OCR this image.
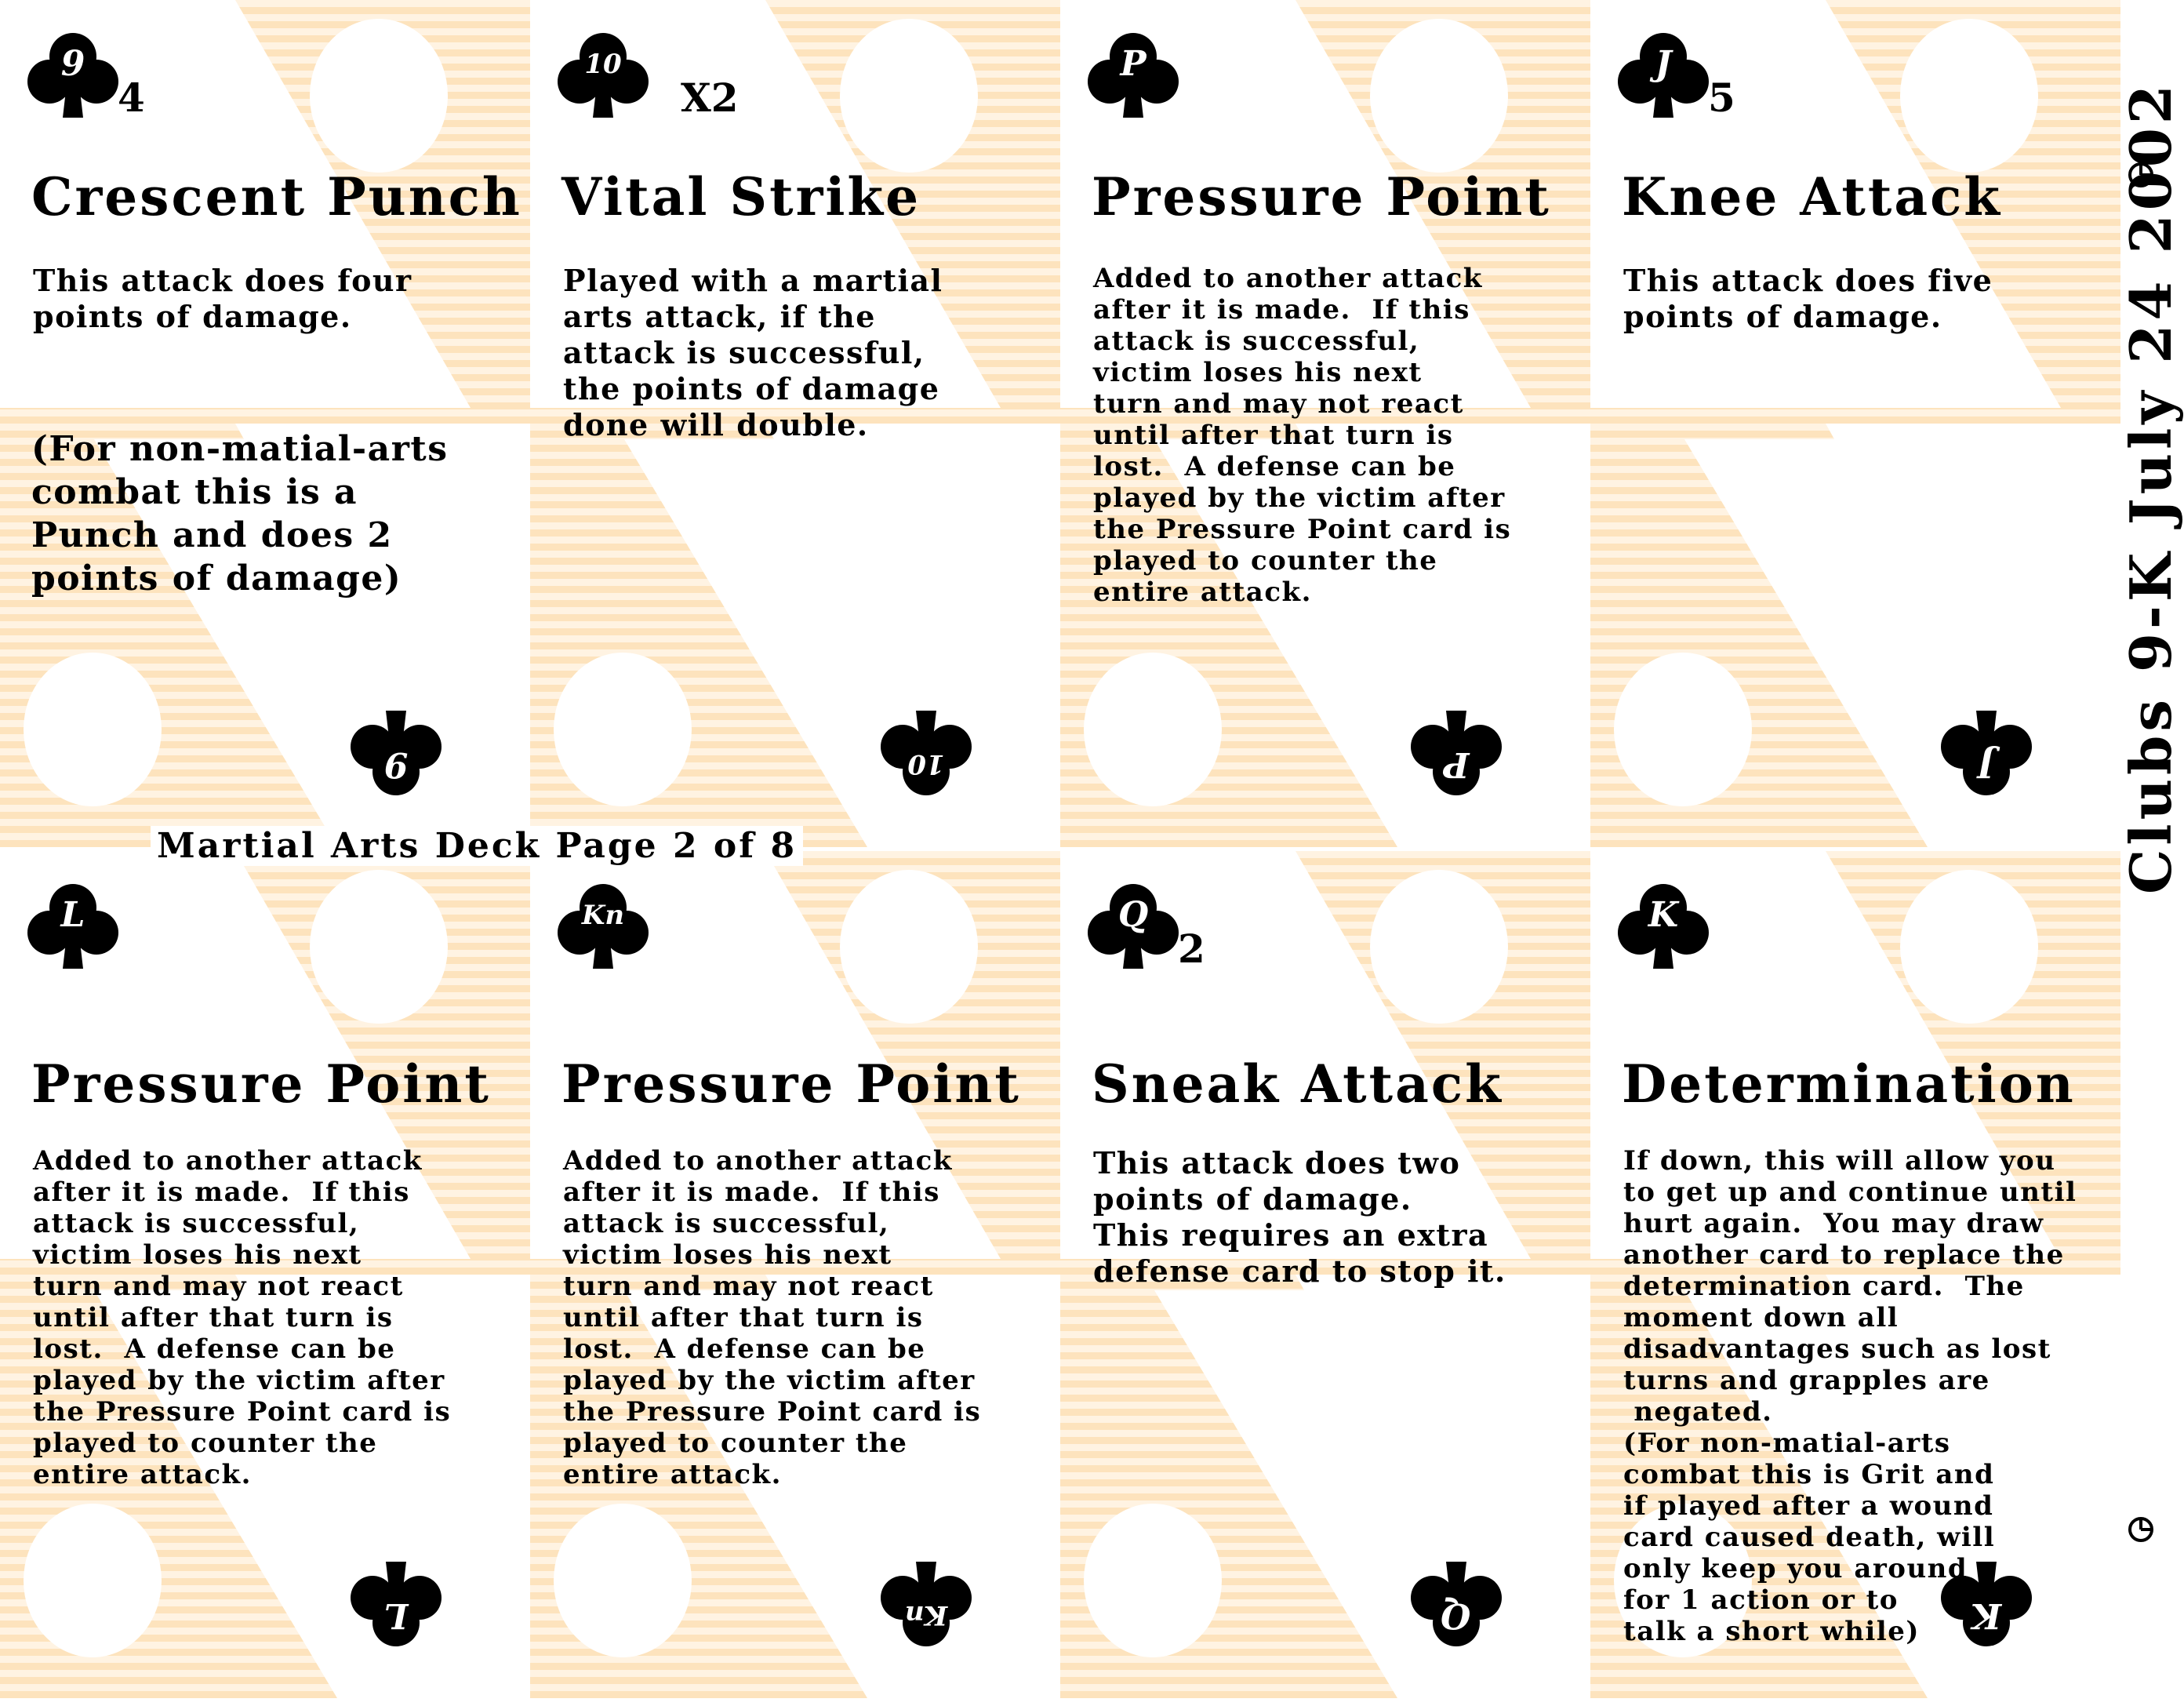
9
9
4
Crescent Punch
This attack does four
points of damage.
(For non-matial-arts
combat this is a
Punch and does 2
points of damage)
10
10
X2
Vital Strike
Played with a martial
arts attack, if the
attack is successful,
the points of damage
done will double.
P
P
Pressure Point
Added to another attack
after it is made.  If this
attack is successful,
victim loses his next
turn and may not react
until after that turn is
lost.  A defense can be
played by the victim after
the Pressure Point card is
played to counter the
entire attack.
J
J
5
Knee Attack
This attack does five
points of damage.
L
L
Pressure Point
Added to another attack
after it is made.  If this
attack is successful,
victim loses his next
turn and may not react
until after that turn is
lost.  A defense can be
played by the victim after
the Pressure Point card is
played to counter the
entire attack.
Kn
Kn
Pressure Point
Added to another attack
after it is made.  If this
attack is successful,
victim loses his next
turn and may not react
until after that turn is
lost.  A defense can be
played by the victim after
the Pressure Point card is
played to counter the
entire attack.
Q
Q
2
Sneak Attack
This attack does two
points of damage.
This requires an extra
defense card to stop it.
K
K
Determination
If down, this will allow you
to get up and continue until
hurt again.  You may draw
another card to replace the
determination card.  The
moment down all
disadvantages such as lost
turns and grapples are
negated.
(For non-matial-arts
combat this is Grit and
if played after a wound
card caused death, will
only keep you around
for 1 action or to
talk a short while)
Martial Arts Deck Page 2 of 8	Clubs 9-K July 24 2002
